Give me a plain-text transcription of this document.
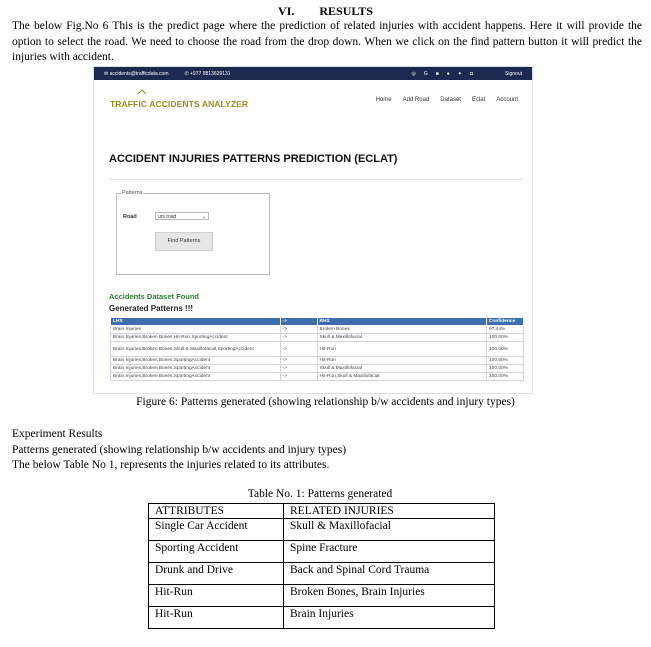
VI. RESULTS
The below Fig.No 6 This is the predict page where the prediction of related injuries with accident happens. Here it will provide the option to select the road. We need to choose the road from the drop down. When we click on the find pattern button it will predict the injuries with accident.
✉ accidents@trafficdata.com	✆ +977 9813639131	◎ G ■ ● ✦ ◘	Signout
TRAFFIC ACCIDENTS ANALYZER	Home Add Road Dataset Eclat Account
ACCIDENT INJURIES PATTERNS PREDICTION (ECLAT)
Patterns
Road	urs road	⌄
Find Patterns
Accidents Dataset Found
Generated Patterns !!!
LHS	->	RHS	Confidence
Brain Injuries	->	Broken Bones	97.44%
Brain Injuries,Broken Bones,Hit-Run,SportingAccident	->	Skull & Maxillofacial	100.00%
Brain Injuries,Broken Bones,Skull & Maxillofacial,SportingAccident	->	Hit-Run	100.00%
Brain Injuries,Broken Bones,SportingAccident	->	Hit-Run	100.00%
Brain Injuries,Broken Bones,SportingAccident	->	Skull & Maxillofacial	100.00%
Brain Injuries,Broken Bones,SportingAccident	->	Hit-Run,Skull & Maxillofacial	100.00%
Figure 6: Patterns generated (showing relationship b/w accidents and injury types)
Experiment Results
Patterns generated (showing relationship b/w accidents and injury types)
The below Table No 1, represents the injuries related to its attributes.
Table No. 1: Patterns generated
ATTRIBUTES	RELATED INJURIES
Single Car Accident	Skull & Maxillofacial
Sporting Accident	Spine Fracture
Drunk and Drive	Back and Spinal Cord Trauma
Hit-Run	Broken Bones, Brain Injuries
Hit-Run	Brain Injuries
